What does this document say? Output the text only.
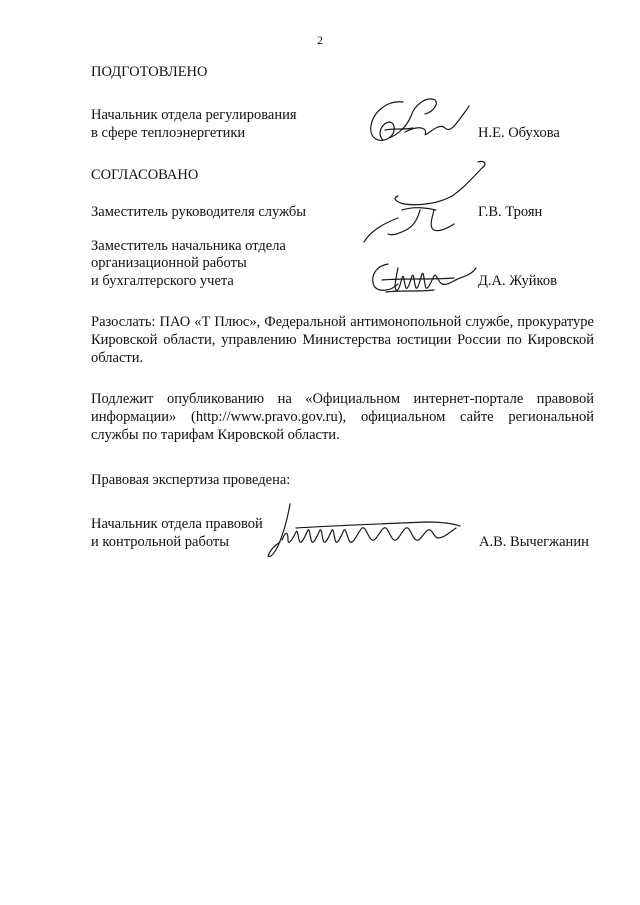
2
ПОДГОТОВЛЕНО
Начальник отдела регулирования
в сфере теплоэнергетики	Н.Е. Обухова
СОГЛАСОВАНО
Заместитель руководителя службы	Г.В. Троян
Заместитель начальника отдела
организационной работы
и бухгалтерского учета	Д.А. Жуйков
Разослать: ПАО «Т Плюс», Федеральной антимонопольной службе, прокуратуре Кировской области, управлению Министерства юстиции России по Кировской области.
Подлежит опубликованию на «Официальном интернет-портале правовой информации» (http://www.pravo.gov.ru), официальном сайте региональной службы по тарифам Кировской области.
Правовая экспертиза проведена:
Начальник отдела правовой
и контрольной работы	А.В. Вычегжанин
